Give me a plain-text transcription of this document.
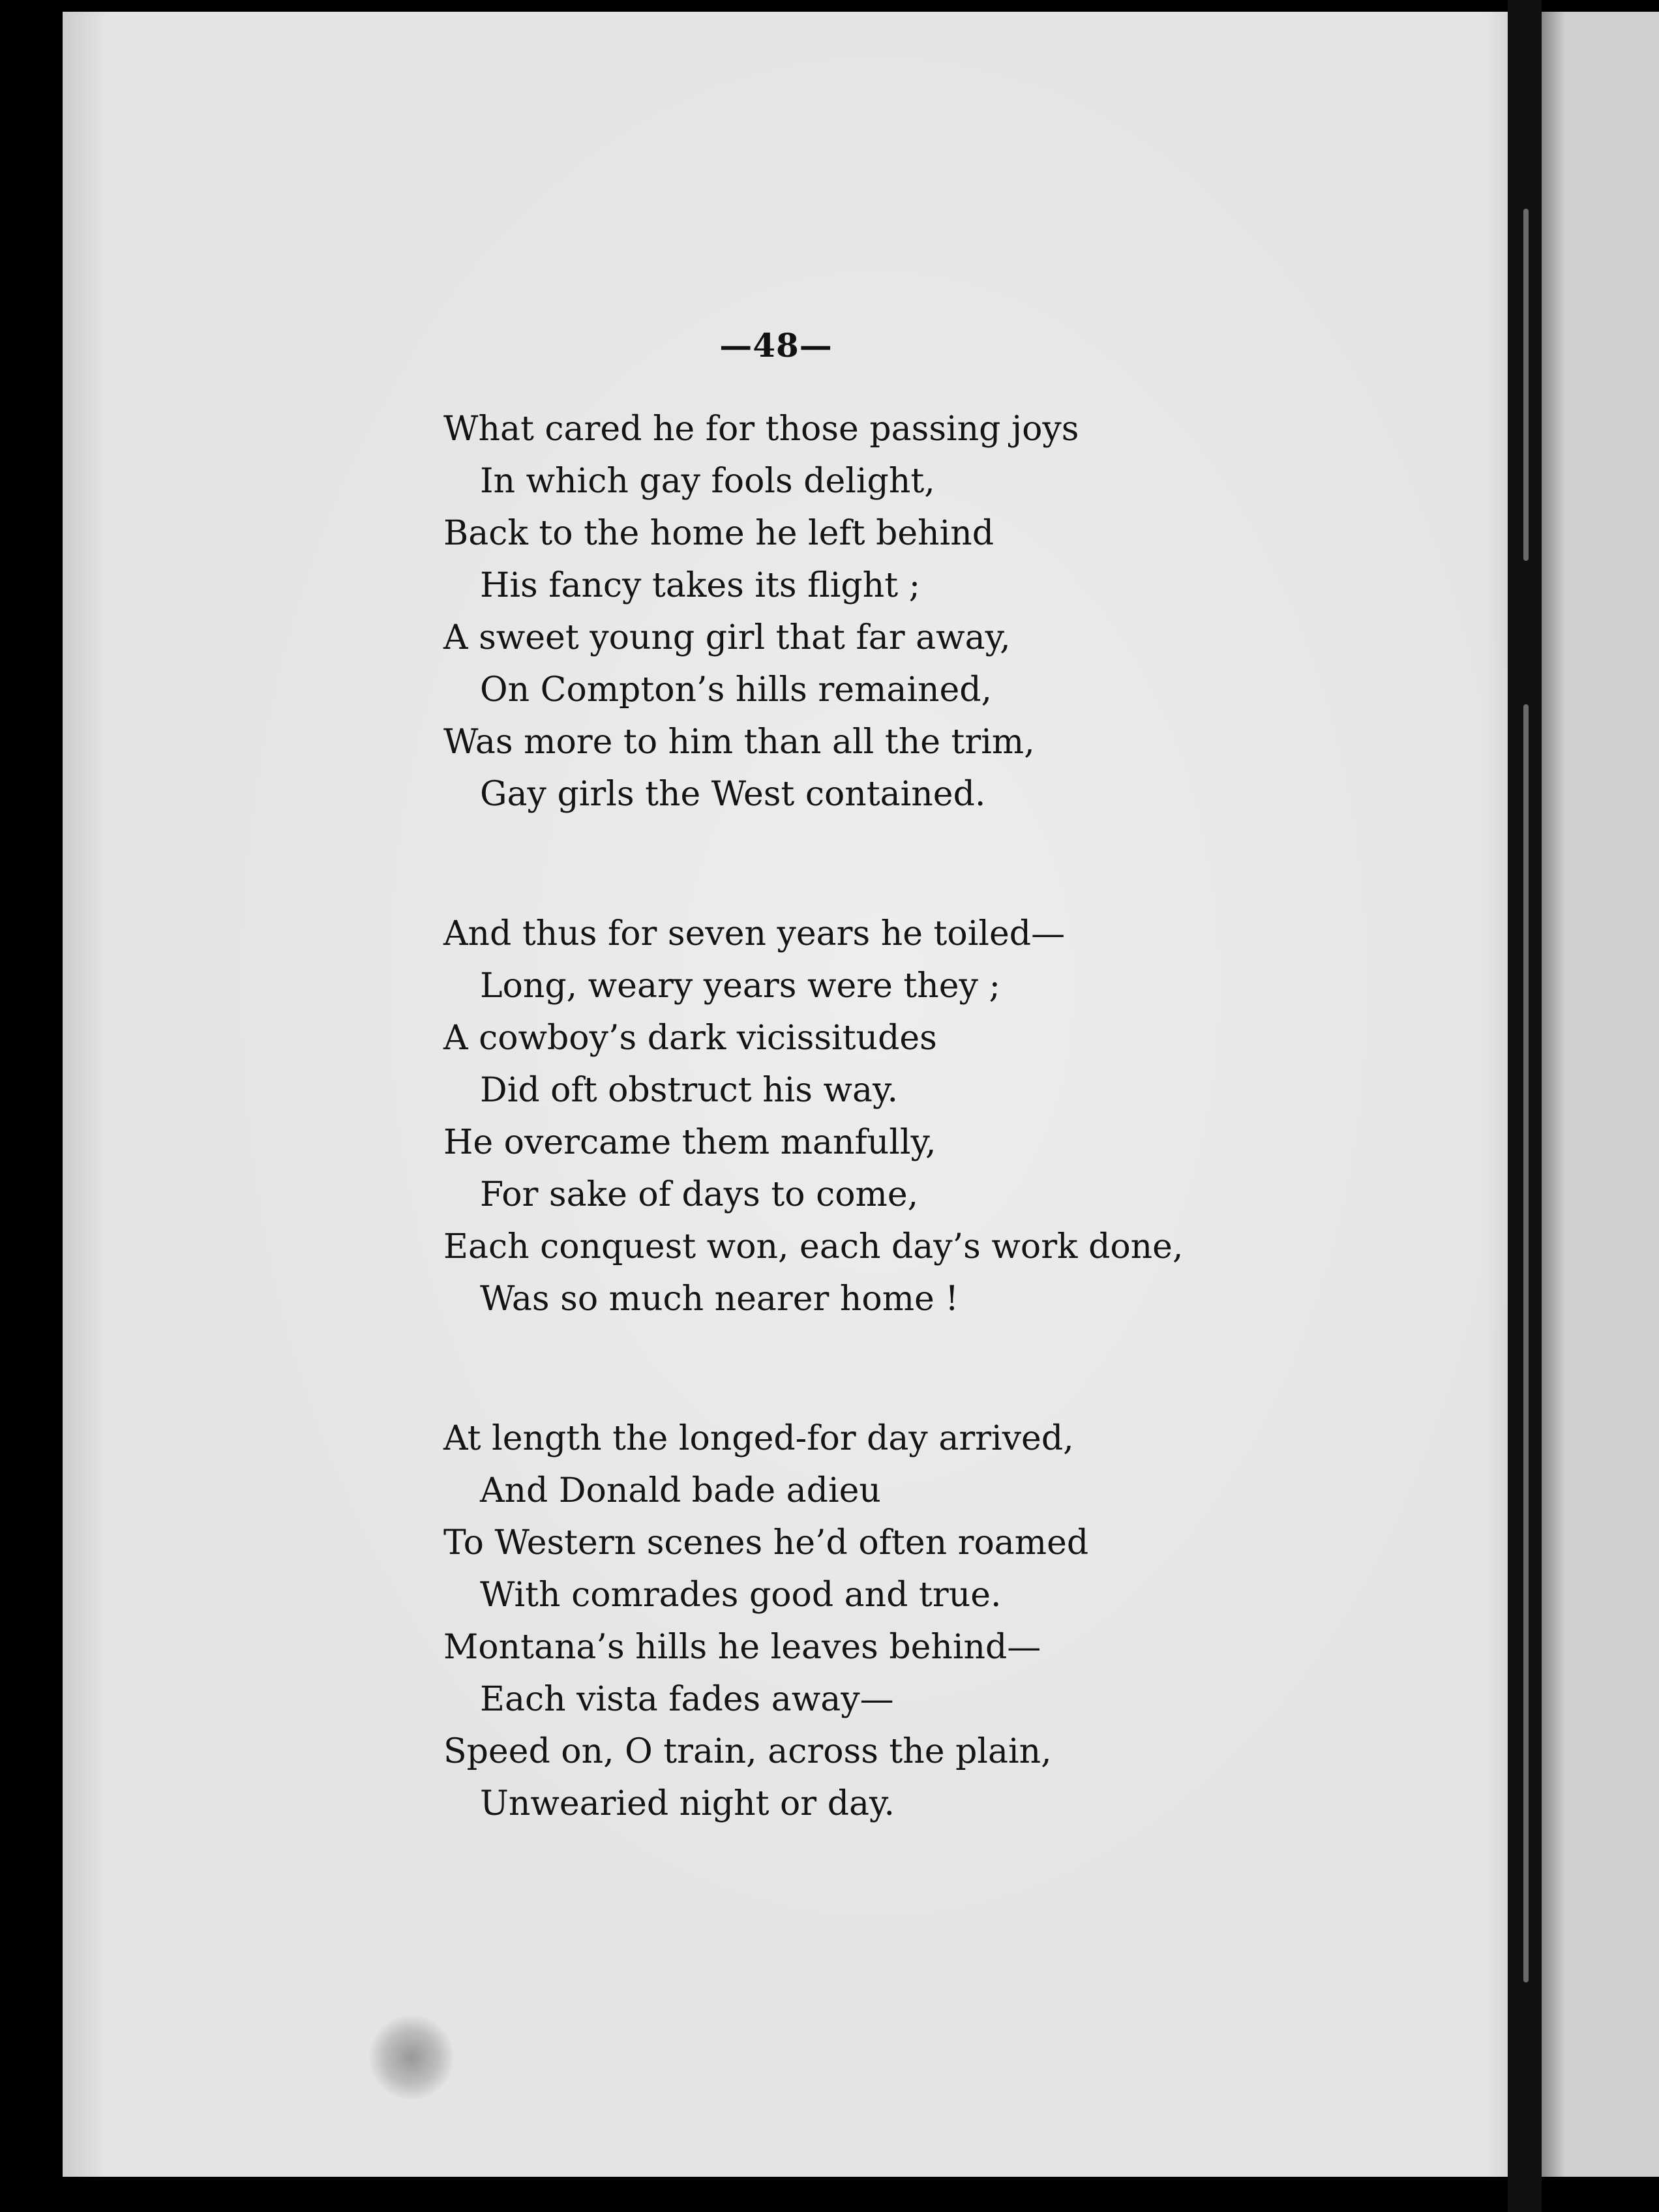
—48—
What cared he for those passing joys
In which gay fools delight,
Back to the home he left behind
His fancy takes its flight ;
A sweet young girl that far away,
On Compton’s hills remained,
Was more to him than all the trim,
Gay girls the West contained.
And thus for seven years he toiled—
Long, weary years were they ;
A cowboy’s dark vicissitudes
Did oft obstruct his way.
He overcame them manfully,
For sake of days to come,
Each conquest won, each day’s work done,
Was so much nearer home !
At length the longed-for day arrived,
And Donald bade adieu
To Western scenes he’d often roamed
With comrades good and true.
Montana’s hills he leaves behind—
Each vista fades away—
Speed on, O train, across the plain,
Unwearied night or day.
